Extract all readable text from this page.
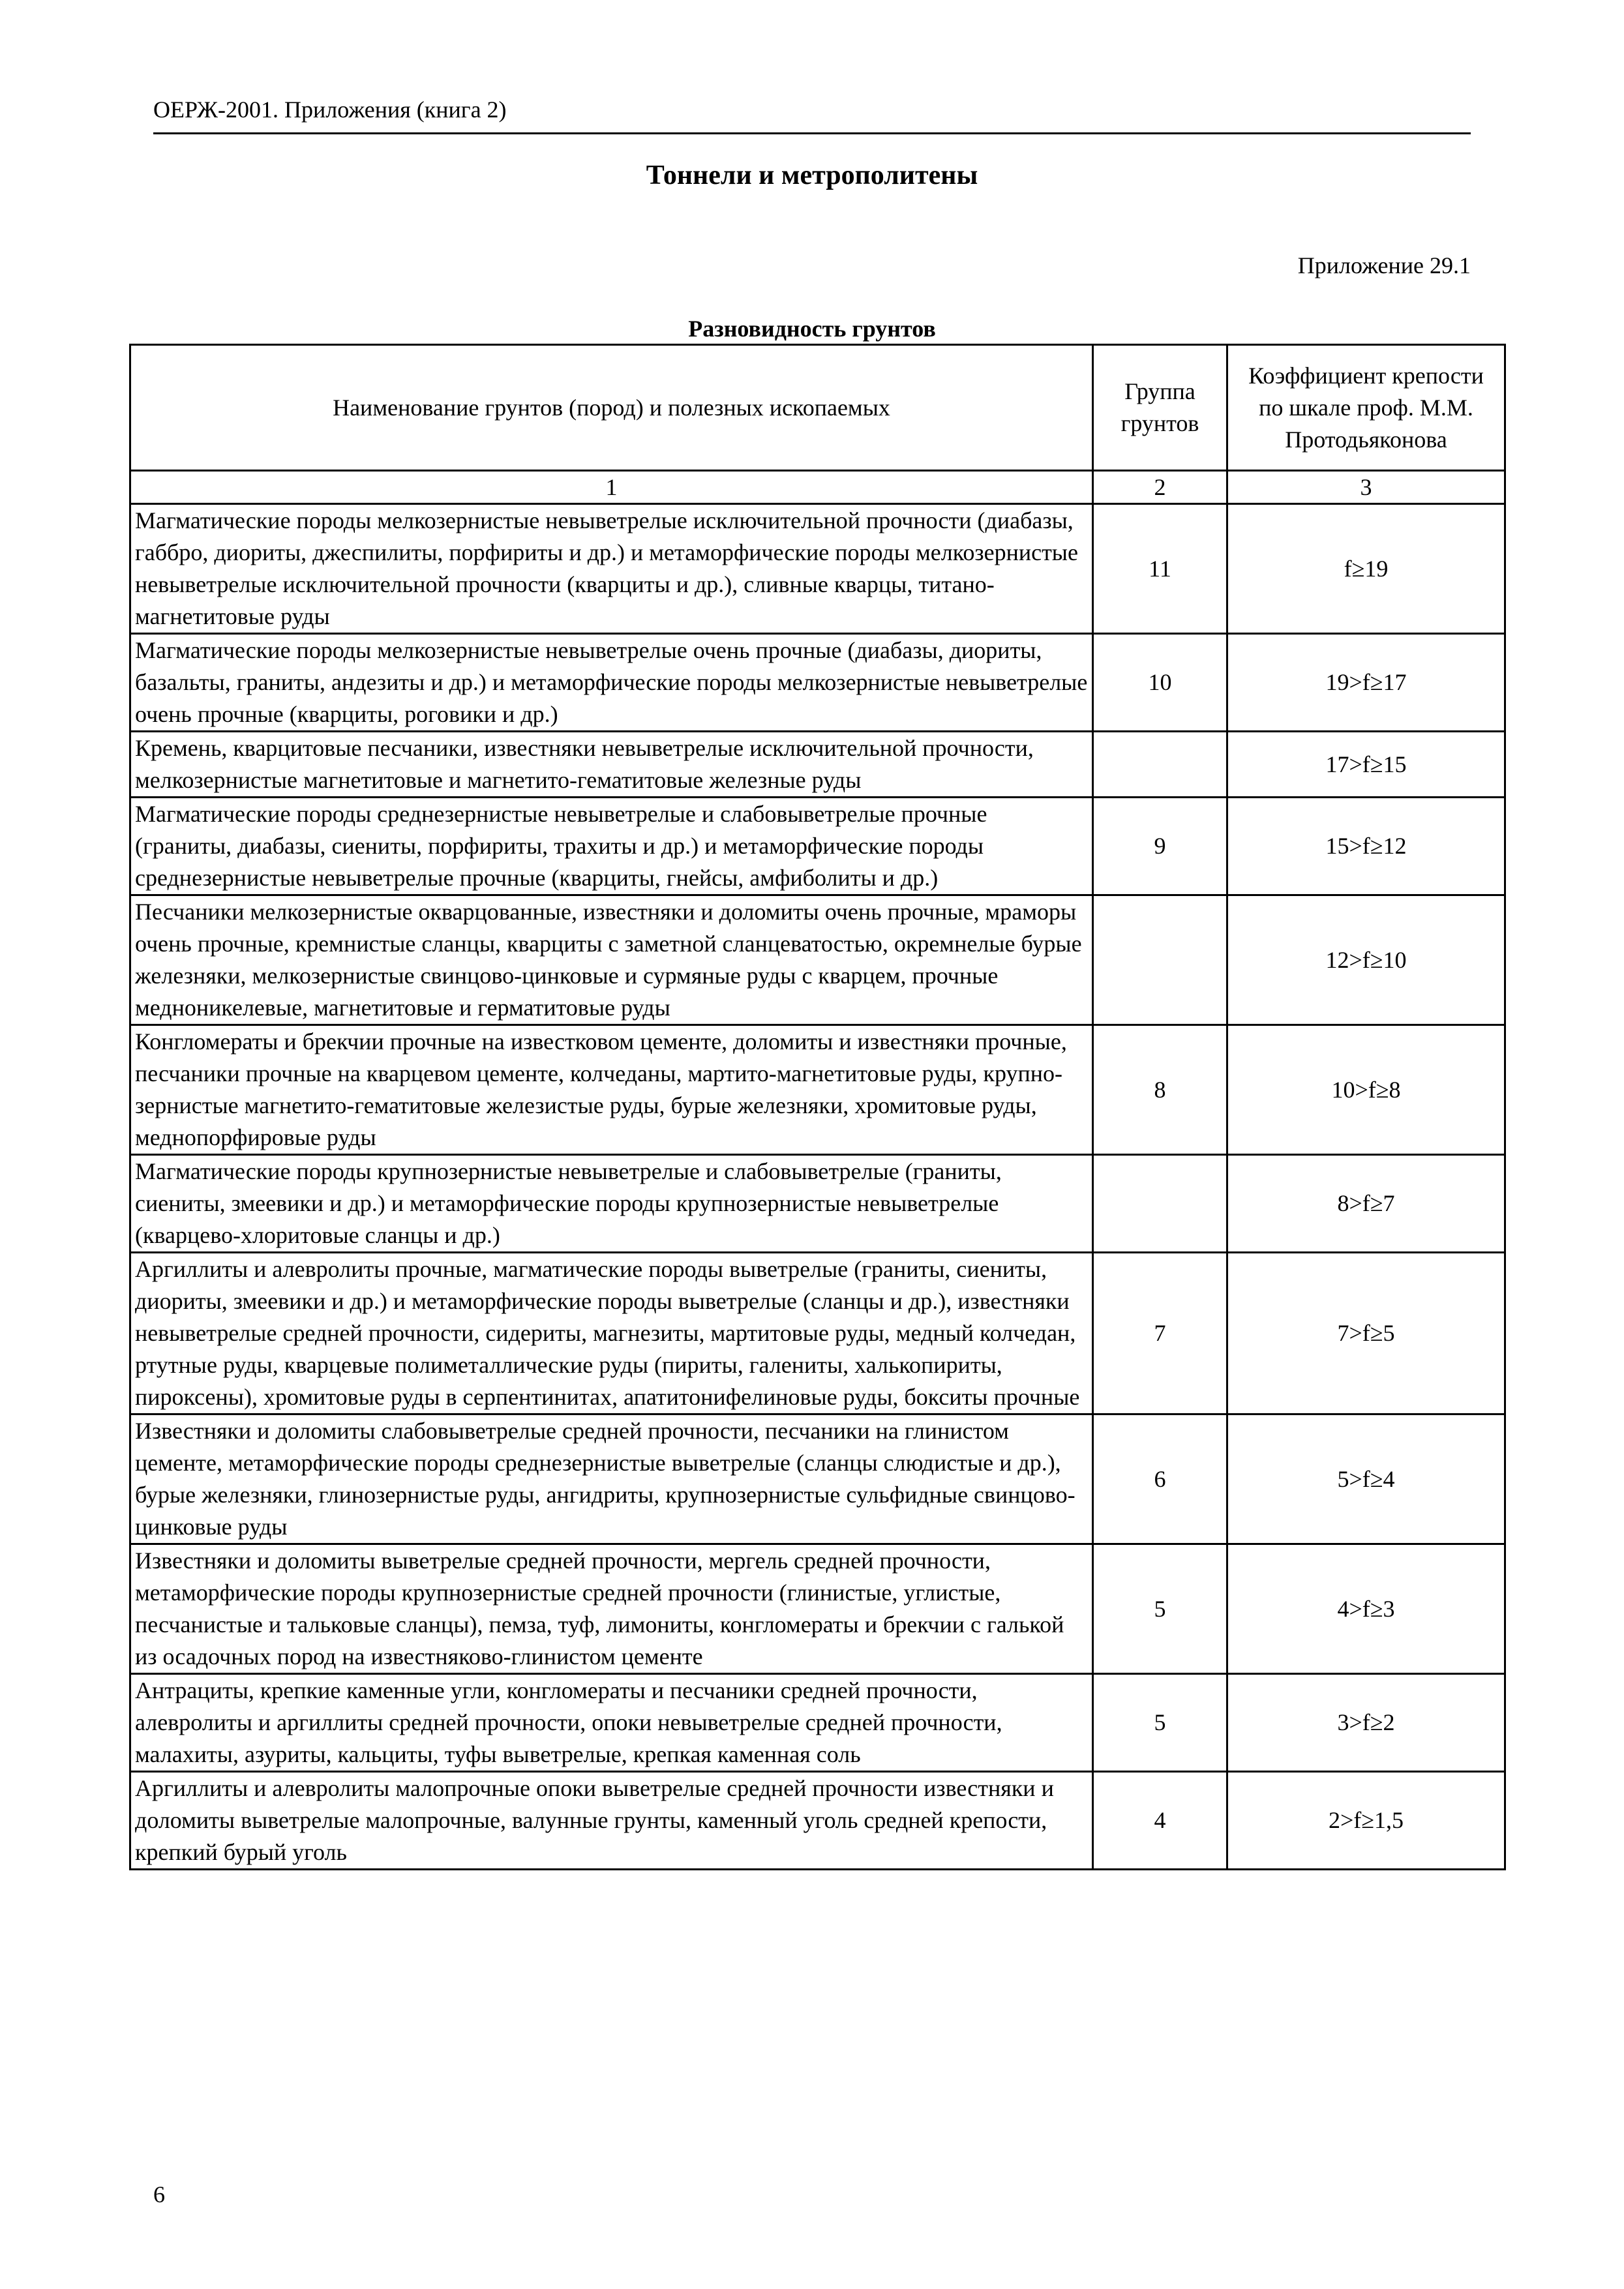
ОЕРЖ-2001. Приложения (книга 2)
Тоннели и метрополитены
Приложение 29.1
Разновидность грунтов
Наименование грунтов (пород) и полезных ископаемых	Группа грунтов	Коэффициент крепости по шкале проф. М.М. Протодьяконова
1	2	3
Магматические породы мелкозернистые невыветрелые исключительной прочности (диабазы, габбро, диориты, джеспилиты, порфириты и др.) и метаморфические породы мелкозернистые невыветрелые исключительной прочности (кварциты и др.), сливные кварцы, титано-магнетитовые руды	11	f≥19
Магматические породы мелкозернистые невыветрелые очень прочные (диабазы, диориты, базальты, граниты, андезиты и др.) и метаморфические породы мелкозернистые невыветрелые очень прочные (кварциты, роговики и др.)	10	19>f≥17
Кремень, кварцитовые песчаники, известняки невыветрелые исключительной прочности, мелкозернистые магнетитовые и магнетито-гематитовые железные руды		17>f≥15
Магматические породы среднезернистые невыветрелые и слабовыветрелые прочные (граниты, диабазы, сиениты, порфириты, трахиты и др.) и метаморфические породы среднезернистые невыветрелые прочные (кварциты, гнейсы, амфиболиты и др.)	9	15>f≥12
Песчаники мелкозернистые окварцованные, известняки и доломиты очень прочные, мраморы очень прочные, кремнистые сланцы, кварциты с заметной сланцеватостью, окремнелые бурые железняки, мелкозернистые свинцово-цинковые и сурмяные руды с кварцем, прочные медноникелевые, магнетитовые и герматитовые руды		12>f≥10
Конгломераты и брекчии прочные на известковом цементе, доломиты и известняки прочные, песчаники прочные на кварцевом цементе, колчеданы, мартито-магнетитовые руды, крупно-зернистые магнетито-гематитовые железистые руды, бурые железняки, хромитовые руды, меднопорфировые руды	8	10>f≥8
Магматические породы крупнозернистые невыветрелые и слабовыветрелые (граниты, сиениты, змеевики и др.) и метаморфические породы крупнозернистые невыветрелые (кварцево-хлоритовые сланцы и др.)		8>f≥7
Аргиллиты и алевролиты прочные, магматические породы выветрелые (граниты, сиениты, диориты, змеевики и др.) и метаморфические породы выветрелые (сланцы и др.), известняки невыветрелые средней прочности, сидериты, магнезиты, мартитовые руды, медный колчедан, ртутные руды, кварцевые полиметаллические руды (пириты, галениты, халькопириты, пироксены), хромитовые руды в серпентинитах, апатитонифелиновые руды, бокситы прочные	7	7>f≥5
Известняки и доломиты слабовыветрелые средней прочности, песчаники на глинистом цементе, метаморфические породы среднезернистые выветрелые (сланцы слюдистые и др.), бурые железняки, глинозернистые руды, ангидриты, крупнозернистые сульфидные свинцово-цинковые руды	6	5>f≥4
Известняки и доломиты выветрелые средней прочности, мергель средней прочности, метаморфические породы крупнозернистые средней прочности (глинистые, углистые, песчанистые и тальковые сланцы), пемза, туф, лимониты, конгломераты и брекчии с галькой из осадочных пород на известняково-глинистом цементе	5	4>f≥3
Антрациты, крепкие каменные угли, конгломераты и песчаники средней прочности, алевролиты и аргиллиты средней прочности, опоки невыветрелые средней прочности, малахиты, азуриты, кальциты, туфы выветрелые, крепкая каменная соль	5	3>f≥2
Аргиллиты и алевролиты малопрочные опоки выветрелые средней прочности известняки и доломиты выветрелые малопрочные, валунные грунты, каменный уголь средней крепости, крепкий бурый уголь	4	2>f≥1,5
6
